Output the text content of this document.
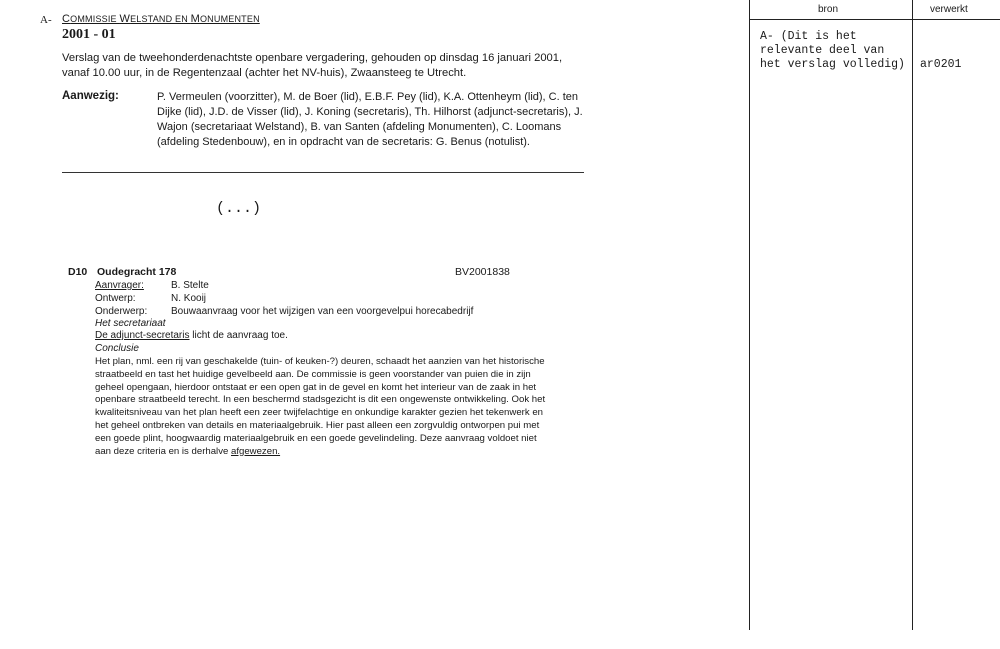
A- COMMISSIE WELSTAND EN MONUMENTEN
2001 - 01
Verslag van de tweehonderdenachtste openbare vergadering, gehouden op dinsdag 16 januari 2001, vanaf 10.00 uur, in de Regentenzaal (achter het NV-huis), Zwaansteeg te Utrecht.
Aanwezig:	P. Vermeulen (voorzitter), M. de Boer (lid), E.B.F. Pey (lid), K.A. Ottenheym (lid), C. ten Dijke (lid), J.D. de Visser (lid), J. Koning (secretaris), Th. Hilhorst (adjunct-secretaris), J. Wajon (secretariaat Welstand), B. van Santen (afdeling Monumenten), C. Loomans (afdeling Stedenbouw), en in opdracht van de secretaris: G. Benus (notulist).
(...)
D10 Oudegracht 178	BV2001838
Aanvrager:	B. Stelte
Ontwerp:	N. Kooij
Onderwerp: Bouwaanvraag voor het wijzigen van een voorgevelpui horecabedrijf
Het secretariaat
De adjunct-secretaris licht de aanvraag toe.
Conclusie
Het plan, nml. een rij van geschakelde (tuin- of keuken-?) deuren, schaadt het aanzien van het historische straatbeeld en tast het huidige gevelbeeld aan. De commissie is geen voorstander van puien die in zijn geheel opengaan, hierdoor ontstaat er een open gat in de gevel en komt het interieur van de zaak in het openbare straatbeeld terecht. In een beschermd stadsgezicht is dit een ongewenste ontwikkeling. Ook het kwaliteitsniveau van het plan heeft een zeer twijfelachtige en onkundige karakter gezien het tekenwerk en het geheel ontbreken van details en materiaalgebruik. Hier past alleen een zorgvuldig ontworpen pui met een goede plint, hoogwaardig materiaalgebruik en een goede gevelindeling. Deze aanvraag voldoet niet aan deze criteria en is derhalve afgewezen.
bron	verwerkt
A- (Dit is het relevante deel van het verslag volledig)	ar0201
